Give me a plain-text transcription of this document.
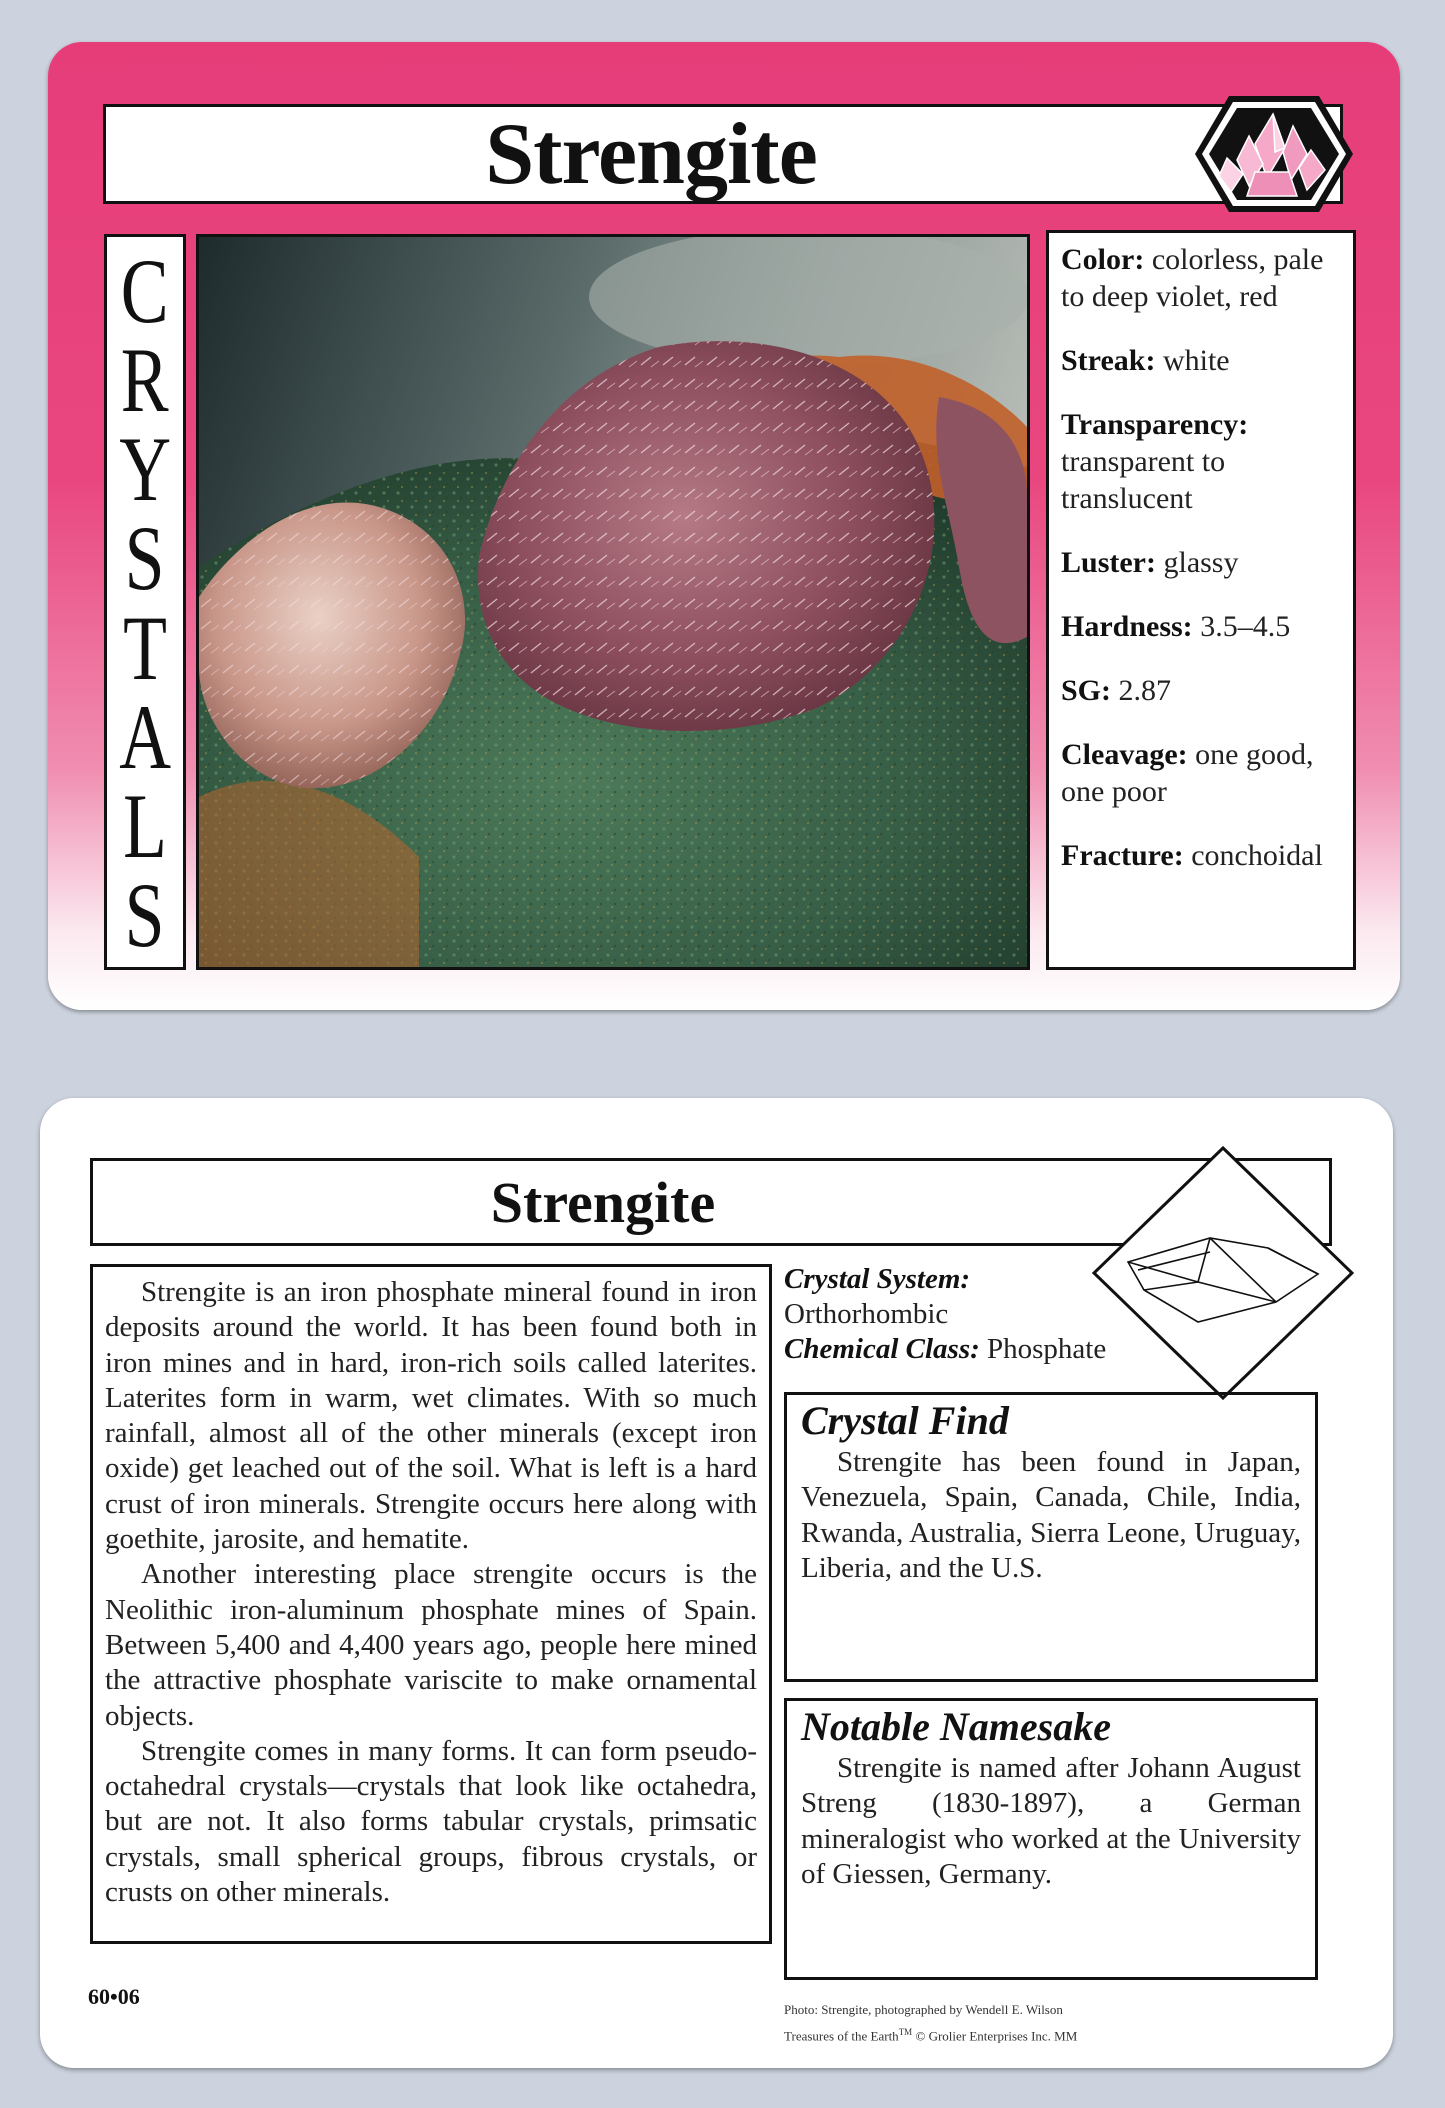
Strengite
C
R
Y
S
T
A
L
S
Color: colorless, pale to deep violet, red
Streak: white
Transparency: transparent to translucent
Luster: glassy
Hardness: 3.5–4.5
SG: 2.87
Cleavage: one good, one poor
Fracture: conchoidal
Strengite

Strengite is an iron phosphate mineral found in iron deposits around the world. It has been found both in iron mines and in hard, iron-rich soils called laterites. Laterites form in warm, wet climates. With so much rainfall, almost all of the other minerals (except iron oxide) get leached out of the soil. What is left is a hard crust of iron minerals. Strengite occurs here along with goethite, jarosite, and hematite.

Another interesting place strengite occurs is the Neolithic iron-aluminum phosphate mines of Spain. Between 5,400 and 4,400 years ago, people here mined the attractive phosphate variscite to make ornamental objects.

Strengite comes in many forms. It can form pseudo-octahedral crystals—crystals that look like octahedra, but are not. It also forms tabular crystals, primsatic crystals, small spherical groups, fibrous crystals, or crusts on other minerals.

Crystal System:
Orthorhombic
Chemical Class: Phosphate
Crystal Find

Strengite has been found in Japan, Venezuela, Spain, Canada, Chile, India, Rwanda, Australia, Sierra Leone, Uruguay, Liberia, and the U.S.

Notable Namesake

Strengite is named after Johann August Streng (1830-1897), a German mineralogist who worked at the University of Giessen, Germany.

60•06
Photo: Strengite, photographed by Wendell E. Wilson
Treasures of the Earth™ © Grolier Enterprises Inc. MM
